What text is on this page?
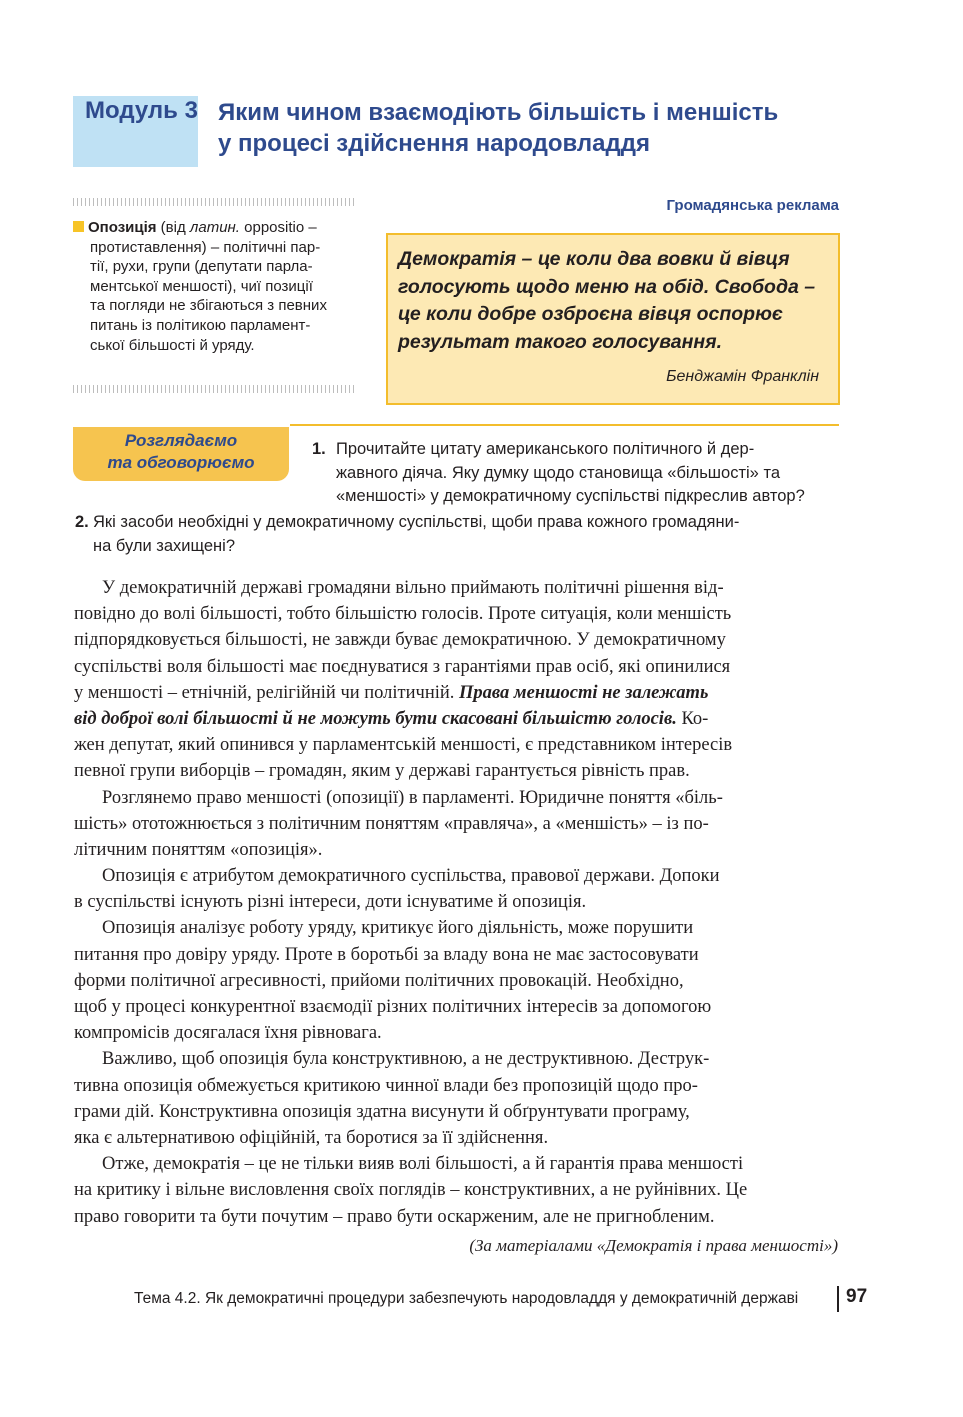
Модуль 3 Яким чином взаємодіють більшість і меншість
у процесі здійснення народовладдя
Опозиція (від латин. oppositio –
протиставлення) – політичні пар-
тії, рухи, групи (депутати парла-
ментської меншості), чиї позиції
та погляди не збігаються з певних
питань із політикою парламент-
ської більшості й уряду.
Громадянська реклама
Демократія – це коли два вовки й вівця
голосують щодо меню на обід. Свобода –
це коли добре озброєна вівця оспорює
результат такого голосування.
Бенджамін Франклін
Розглядаємо
та обговорюємо
1. Прочитайте цитату американського політичного й дер-
жавного діяча. Яку думку щодо становища «більшості» та
«меншості» у демократичному суспільстві підкреслив автор?
2. Які засоби необхідні у демократичному суспільстві, щоби права кожного громадяни-
на були захищені?
У демократичній державі громадяни вільно приймають політичні рішення від-
повідно до волі більшості, тобто більшістю голосів. Проте ситуація, коли меншість
підпорядковується більшості, не завжди буває демократичною. У демократичному
суспільстві воля більшості має поєднуватися з гарантіями прав осіб, які опинилися
у меншості – етнічній, релігійній чи політичній. Права меншості не залежать
від доброї волі більшості й не можуть бути скасовані більшістю голосів. Ко-
жен депутат, який опинився у парламентській меншості, є представником інтересів
певної групи виборців – громадян, яким у державі гарантується рівність прав.
Розглянемо право меншості (опозиції) в парламенті. Юридичне поняття «біль-
шість» ототожнюється з політичним поняттям «правляча», а «меншість» – із по-
літичним поняттям «опозиція».
Опозиція є атрибутом демократичного суспільства, правової держави. Допоки
в суспільстві існують різні інтереси, доти існуватиме й опозиція.
Опозиція аналізує роботу уряду, критикує його діяльність, може порушити
питання про довіру уряду. Проте в боротьбі за владу вона не має застосовувати
форми політичної агресивності, прийоми політичних провокацій. Необхідно,
щоб у процесі конкурентної взаємодії різних політичних інтересів за допомогою
компромісів досягалася їхня рівновага.
Важливо, щоб опозиція була конструктивною, а не деструктивною. Деструк-
тивна опозиція обмежується критикою чинної влади без пропозицій щодо про-
грами дій. Конструктивна опозиція здатна висунути й обґрунтувати програму,
яка є альтернативою офіційній, та боротися за її здійснення.
Отже, демократія – це не тільки вияв волі більшості, а й гарантія права меншості
на критику і вільне висловлення своїх поглядів – конструктивних, а не руйнівних. Це
право говорити та бути почутим – право бути оскарженим, але не пригнобленим.
(За матеріалами «Демократія і права меншості»)
Тема 4.2. Як демократичні процедури забезпечують народовладдя у демократичній державі	97
